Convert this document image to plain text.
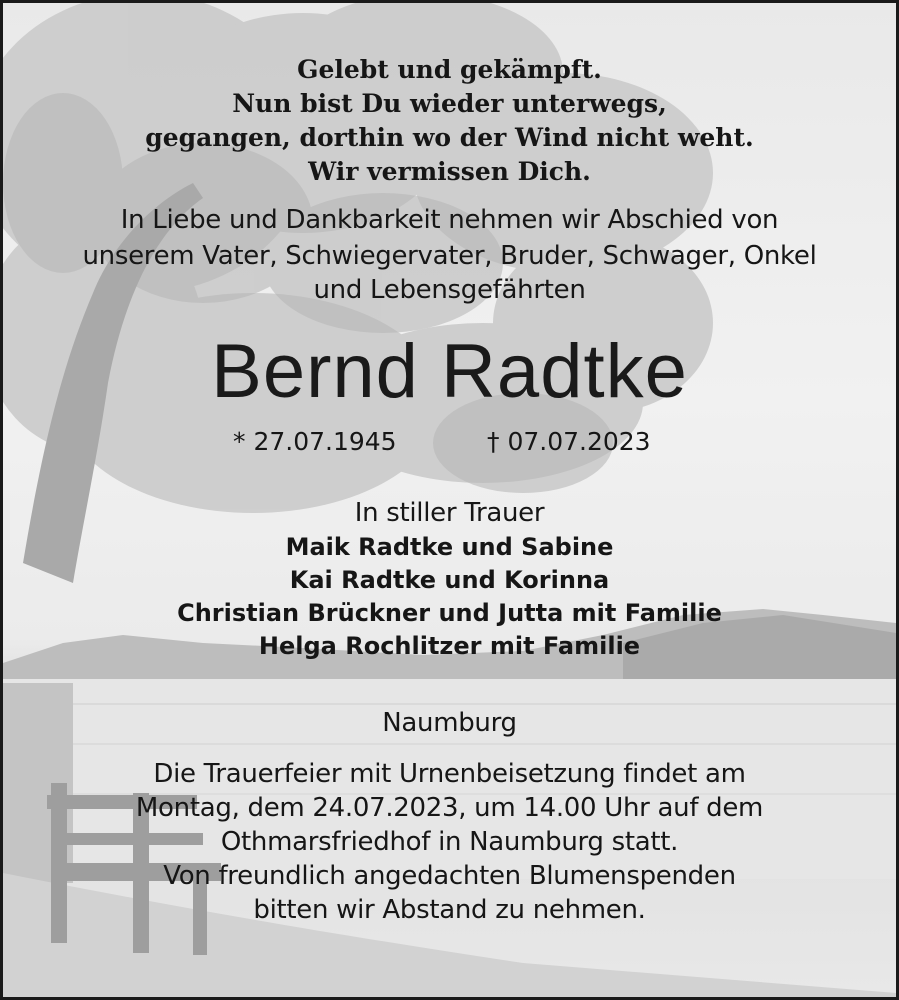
Gelebt und gekämpft.

Nun bist Du wieder unterwegs,

gegangen, dorthin wo der Wind nicht weht.

Wir vermissen Dich.

In Liebe und Dankbarkeit nehmen wir Abschied von

unserem Vater, Schwiegervater, Bruder, Schwager, Onkel

und Lebensgefährten

Bernd Radtke

* 27.07.1945	† 07.07.2023

In stiller Trauer

Maik Radtke und Sabine

Kai Radtke und Korinna

Christian Brückner und Jutta mit Familie

Helga Rochlitzer mit Familie

Naumburg

Die Trauerfeier mit Urnenbeisetzung findet am

Montag, dem 24.07.2023, um 14.00 Uhr auf dem

Othmarsfriedhof in Naumburg statt.

Von freundlich angedachten Blumenspenden

bitten wir Abstand zu nehmen.
